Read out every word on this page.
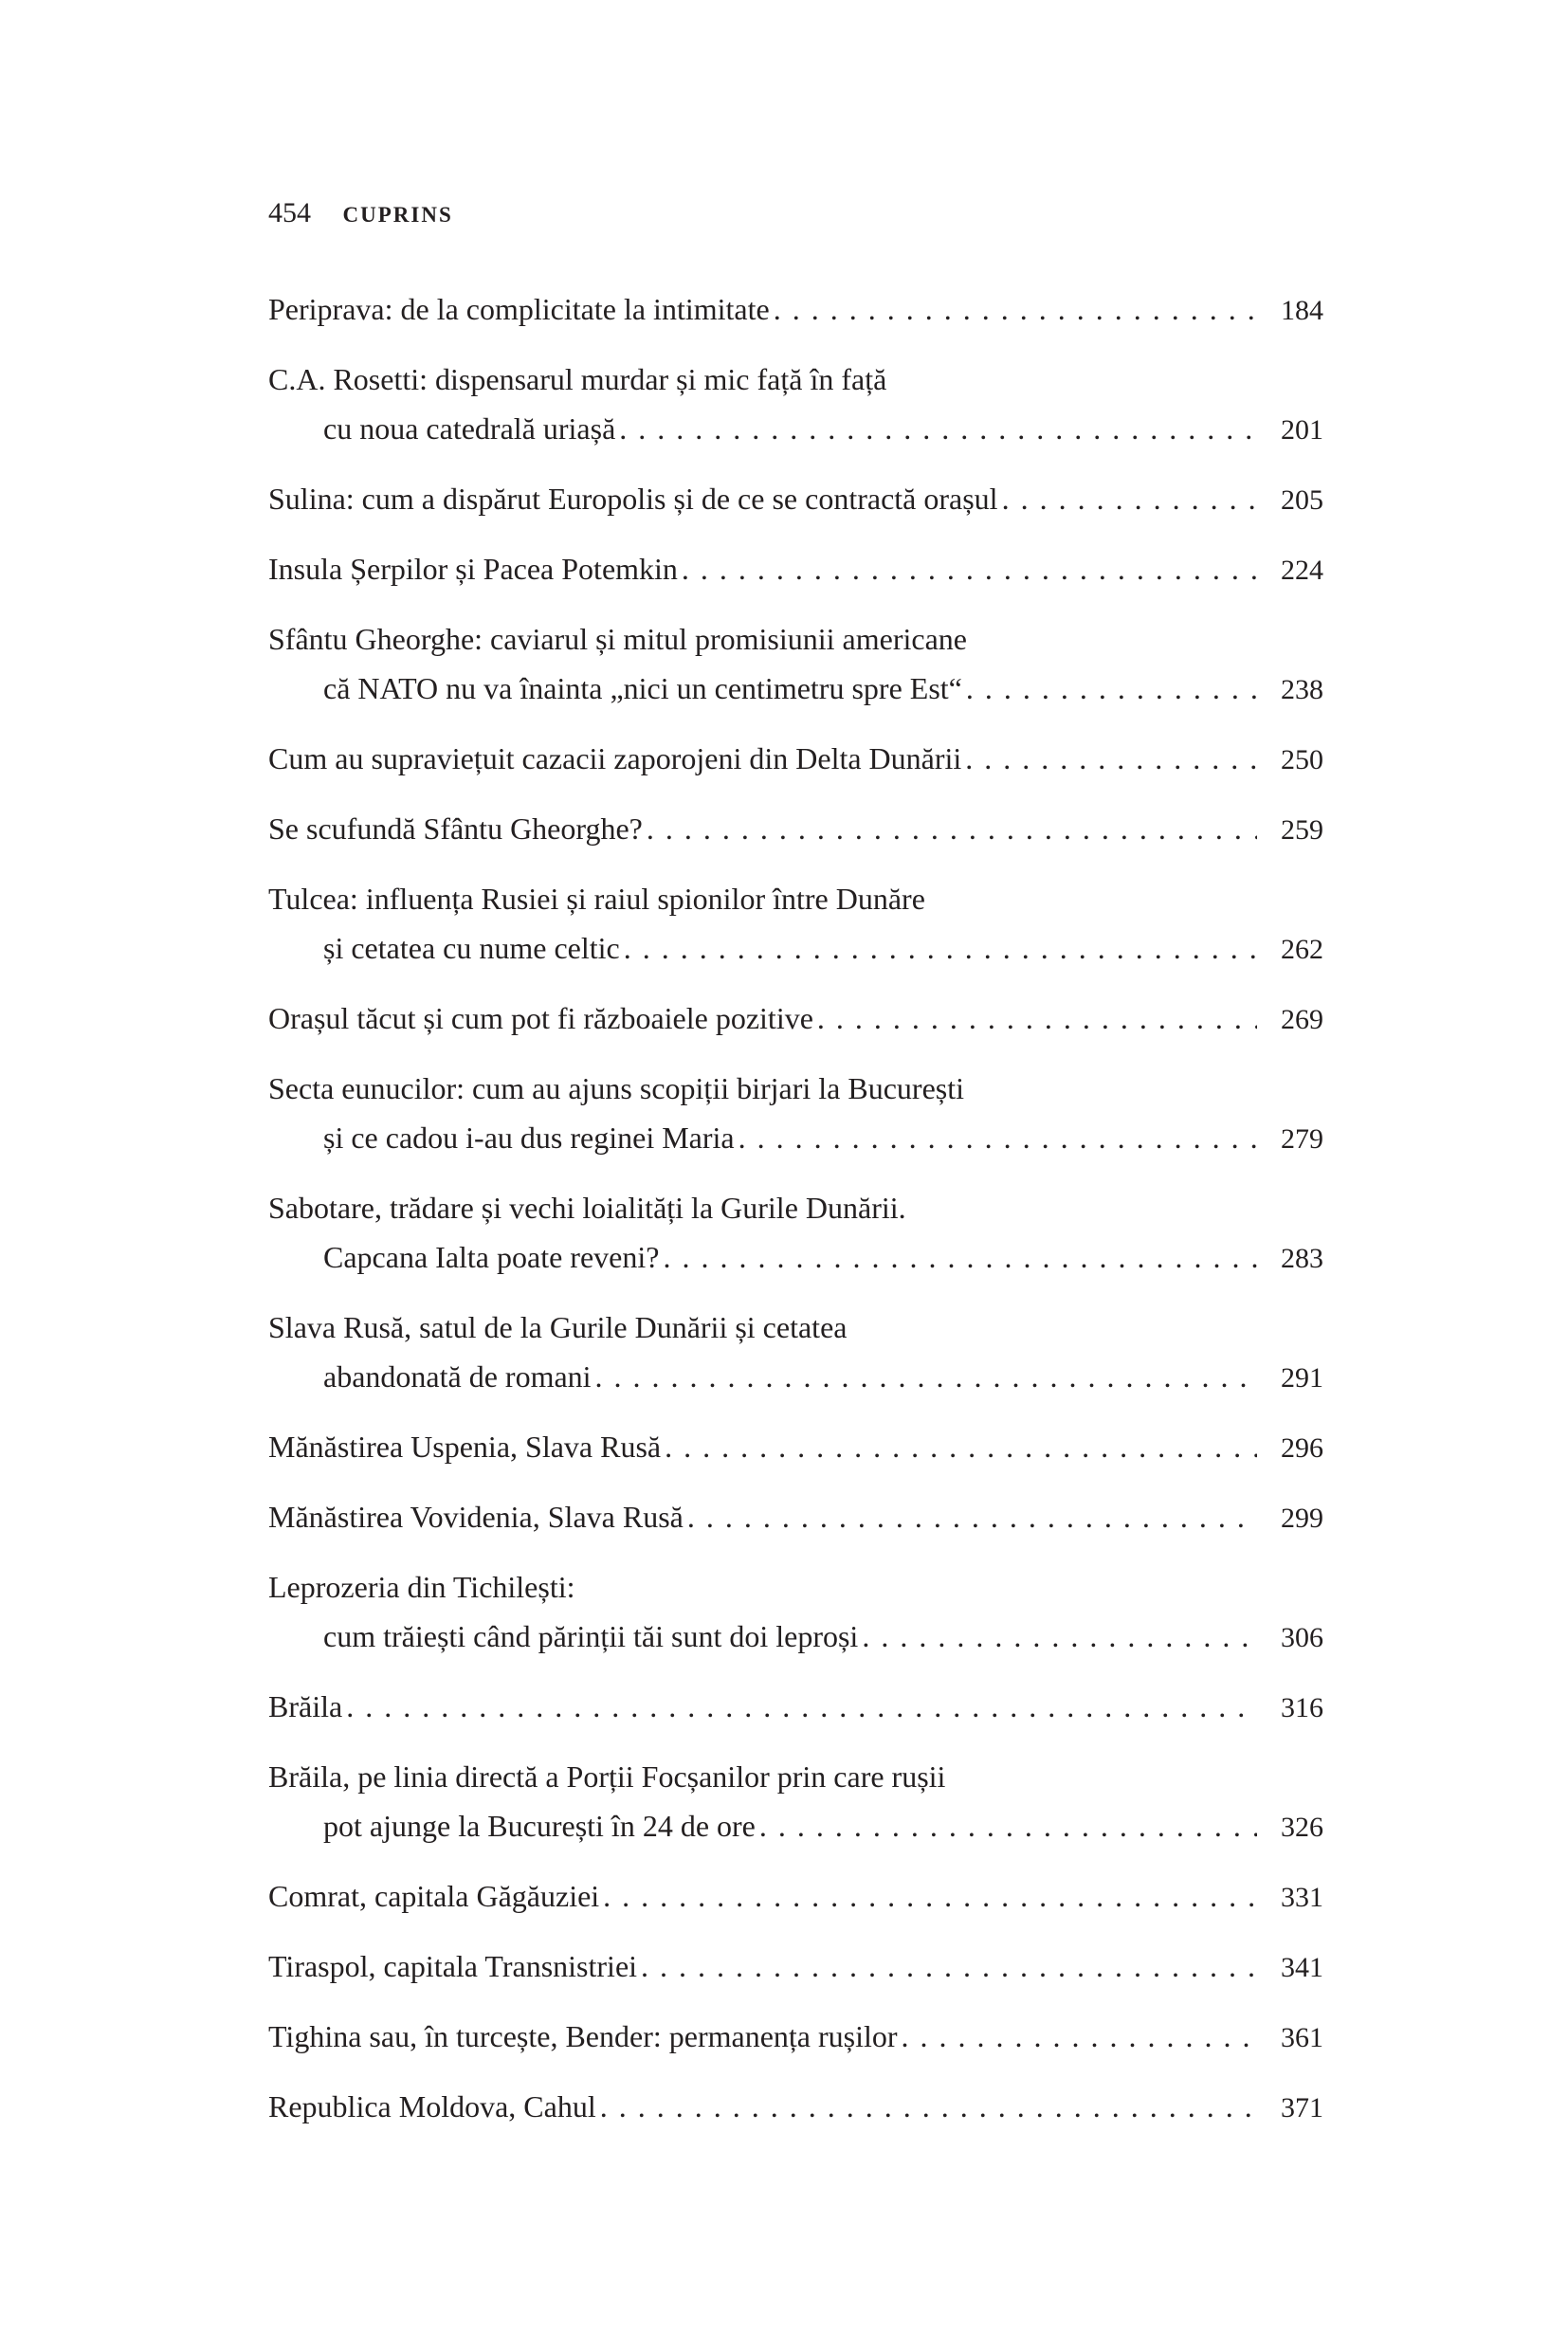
454 CUPRINS
Periprava: de la complicitate la intimitate . . .	184
C.A. Rosetti: dispensarul murdar și mic față în față
cu noua catedrală uriașă . . .	201
Sulina: cum a dispărut Europolis și de ce se contractă orașul . . .	205
Insula Șerpilor și Pacea Potemkin . . .	224
Sfântu Gheorghe: caviarul și mitul promisiunii americane
că NATO nu va înainta „nici un centimetru spre Est“ . . .	238
Cum au supraviețuit cazacii zaporojeni din Delta Dunării . . .	250
Se scufundă Sfântu Gheorghe? . . .	259
Tulcea: influența Rusiei și raiul spionilor între Dunăre
și cetatea cu nume celtic . . .	262
Orașul tăcut și cum pot fi războaiele pozitive . . .	269
Secta eunucilor: cum au ajuns scopiții birjari la București
și ce cadou i-au dus reginei Maria . . .	279
Sabotare, trădare și vechi loialități la Gurile Dunării.
Capcana Ialta poate reveni? . . .	283
Slava Rusă, satul de la Gurile Dunării și cetatea
abandonată de romani . . .	291
Mănăstirea Uspenia, Slava Rusă . . .	296
Mănăstirea Vovidenia, Slava Rusă . . .	299
Leprozeria din Tichilești:
cum trăiești când părinții tăi sunt doi leproși . . .	306
Brăila . . .	316
Brăila, pe linia directă a Porții Focșanilor prin care rușii
pot ajunge la București în 24 de ore . . .	326
Comrat, capitala Găgăuziei . . .	331
Tiraspol, capitala Transnistriei . . .	341
Tighina sau, în turcește, Bender: permanența rușilor . . .	361
Republica Moldova, Cahul . . .	371
